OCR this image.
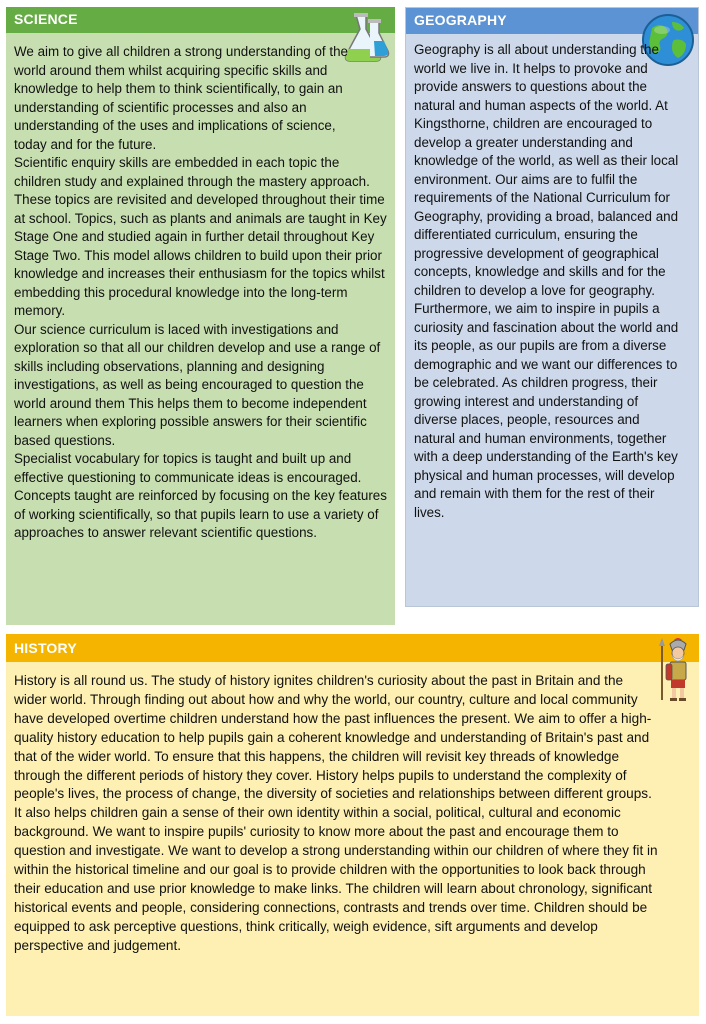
SCIENCE

We aim to give all children a strong understanding of the world around them whilst acquiring specific skills and knowledge to help them to think scientifically, to gain an understanding of scientific processes and also an understanding of the uses and implications of science, today and for the future.

Scientific enquiry skills are embedded in each topic the children study and explained through the mastery approach. These topics are revisited and developed throughout their time at school. Topics, such as plants and animals are taught in Key Stage One and studied again in further detail throughout Key Stage Two. This model allows children to build upon their prior knowledge and increases their enthusiasm for the topics whilst embedding this procedural knowledge into the long-term memory.

Our science curriculum is laced with investigations and exploration so that all our children develop and use a range of skills including observations, planning and designing investigations, as well as being encouraged to question the world around them This helps them to become independent learners when exploring possible answers for their scientific based questions.

Specialist vocabulary for topics is taught and built up and effective questioning to communicate ideas is encouraged. Concepts taught are reinforced by focusing on the key features of working scientifically, so that pupils learn to use a variety of approaches to answer relevant scientific questions.

GEOGRAPHY

Geography is all about understanding the world we live in. It helps to provoke and provide answers to questions about the natural and human aspects of the world. At Kingsthorne, children are encouraged to develop a greater understanding and knowledge of the world, as well as their local environment. Our aims are to fulfil the requirements of the National Curriculum for Geography, providing a broad, balanced and differentiated curriculum, ensuring the progressive development of geographical concepts, knowledge and skills and for the children to develop a love for geography. Furthermore, we aim to inspire in pupils a curiosity and fascination about the world and its people, as our pupils are from a diverse demographic and we want our differences to be celebrated. As children progress, their growing interest and understanding of diverse places, people, resources and natural and human environments, together with a deep understanding of the Earth's key physical and human processes, will develop and remain with them for the rest of their lives.

HISTORY

History is all round us. The study of history ignites children's curiosity about the past in Britain and the wider world. Through finding out about how and why the world, our country, culture and local community have developed overtime children understand how the past influences the present. We aim to offer a high-quality history education to help pupils gain a coherent knowledge and understanding of Britain's past and that of the wider world. To ensure that this happens, the children will revisit key threads of knowledge through the different periods of history they cover. History helps pupils to understand the complexity of people's lives, the process of change, the diversity of societies and relationships between different groups. It also helps children gain a sense of their own identity within a social, political, cultural and economic background. We want to inspire pupils' curiosity to know more about the past and encourage them to question and investigate. We want to develop a strong understanding within our children of where they fit in within the historical timeline and our goal is to provide children with the opportunities to look back through their education and use prior knowledge to make links. The children will learn about chronology, significant historical events and people, considering connections, contrasts and trends over time. Children should be equipped to ask perceptive questions, think critically, weigh evidence, sift arguments and develop perspective and judgement.
